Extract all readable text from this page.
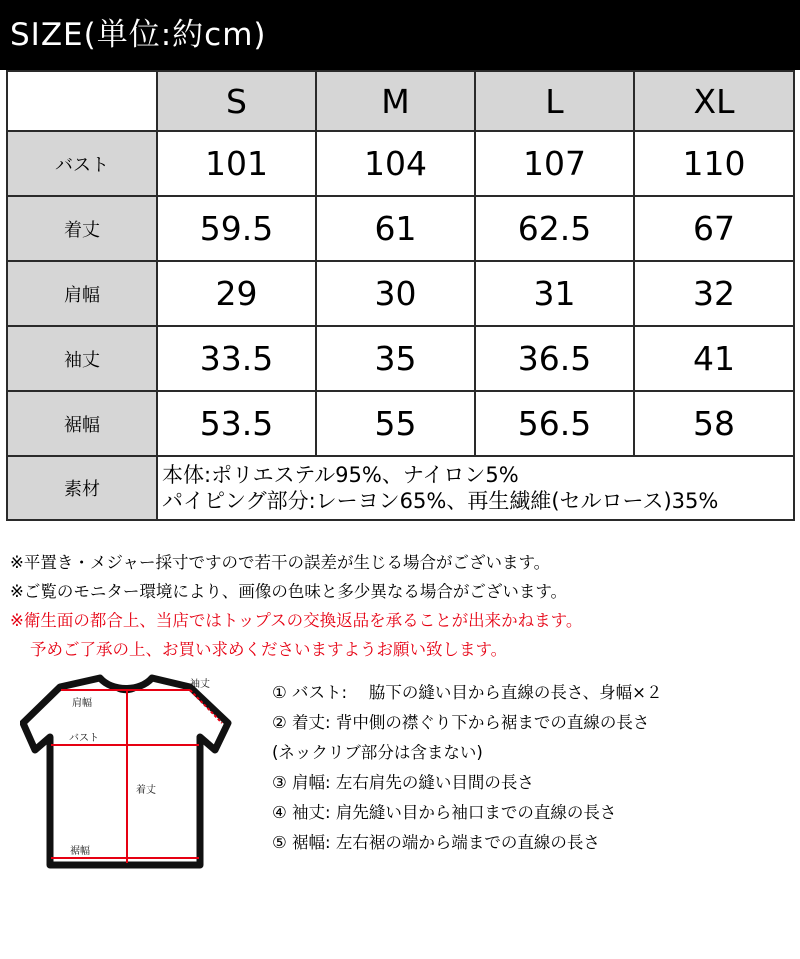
SIZE(単位:約cm)
	S	M	L	XL
バスト	101	104	107	110
着丈	59.5	61	62.5	67
肩幅	29	30	31	32
袖丈	33.5	35	36.5	41
裾幅	53.5	55	56.5	58
素材	本体:ポリエステル95%、ナイロン5%
パイピング部分:レーヨン65%、再生繊維(セルロース)35%			
※平置き・メジャー採寸ですので若干の誤差が生じる場合がございます。
※ご覧のモニター環境により、画像の色味と多少異なる場合がございます。
※衛生面の都合上、当店ではトップスの交換返品を承ることが出来かねます。
予めご了承の上、お買い求めくださいますようお願い致します。
肩幅
袖丈
バスト
着丈
裾幅
① バスト:　 脇下の縫い目から直線の長さ、身幅×２
② 着丈: 背中側の襟ぐり下から裾までの直線の長さ
(ネックリブ部分は含まない)
③ 肩幅: 左右肩先の縫い目間の長さ
④ 袖丈: 肩先縫い目から袖口までの直線の長さ
⑤ 裾幅: 左右裾の端から端までの直線の長さ
